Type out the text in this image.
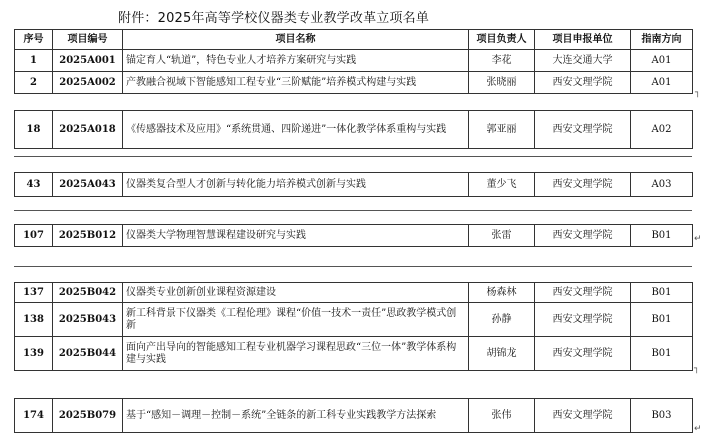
附件：2025年高等学校仪器类专业教学改革立项名单
序号	项目编号	项目名称	项目负责人	项目申报单位	指南方向
1	2025A001	锚定育人“轨道”，特色专业人才培养方案研究与实践	李花	大连交通大学	A01
2	2025A002	产教融合视域下智能感知工程专业“三阶赋能”培养模式构建与实践	张晓丽	西安文理学院	A01
┐
18	2025A018	《传感器技术及应用》“系统贯通、四阶递进”一体化教学体系重构与实践	郭亚丽	西安文理学院	A02
43	2025A043	仪器类复合型人才创新与转化能力培养模式创新与实践	董少飞	西安文理学院	A03
107	2025B012	仪器类大学物理智慧课程建设研究与实践	张雷	西安文理学院	B01 ↵
137	2025B042	仪器类专业创新创业课程资源建设	杨森林	西安文理学院	B01
138	2025B043	新工科背景下仪器类《工程伦理》课程“价值一技术一责任”思政教学模式创新	孙静	西安文理学院	B01
139	2025B044	面向产出导向的智能感知工程专业机器学习课程思政“三位一体”教学体系构建与实践	胡锦龙	西安文理学院	B01
┐
174	2025B079	基于“感知－调理－控制－系统”全链条的新工科专业实践教学方法探索	张伟	西安文理学院	B03
↵
